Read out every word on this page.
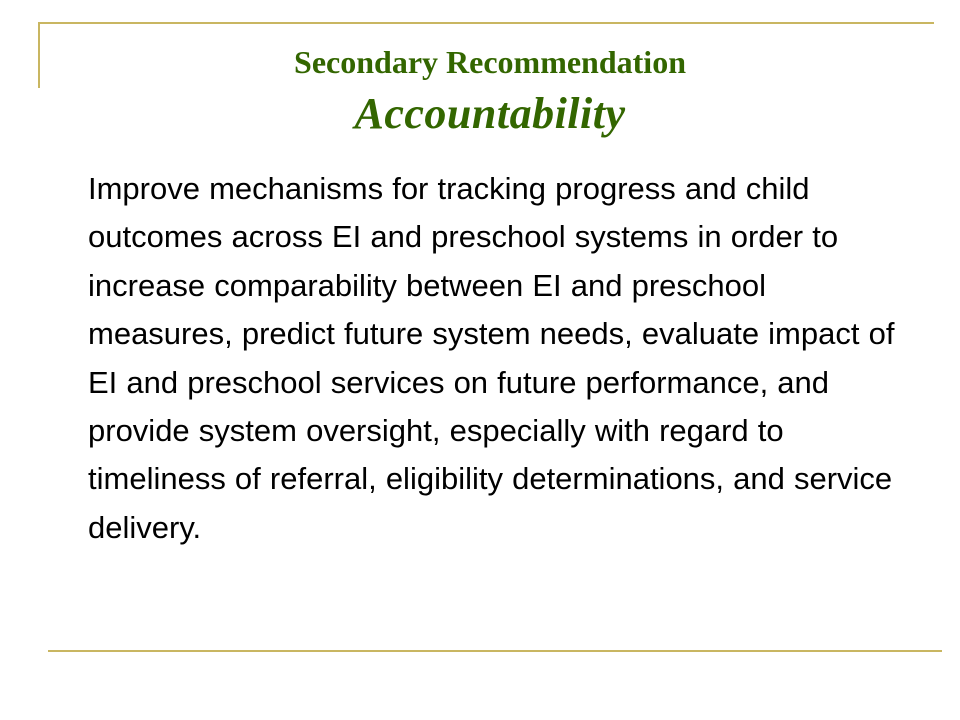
Secondary Recommendation
Accountability

Improve mechanisms for tracking progress and child outcomes across EI and preschool systems in order to increase comparability between EI and preschool measures, predict future system needs, evaluate impact of EI and preschool services on future performance, and provide system oversight, especially with regard to timeliness of referral, eligibility determinations, and service delivery.
